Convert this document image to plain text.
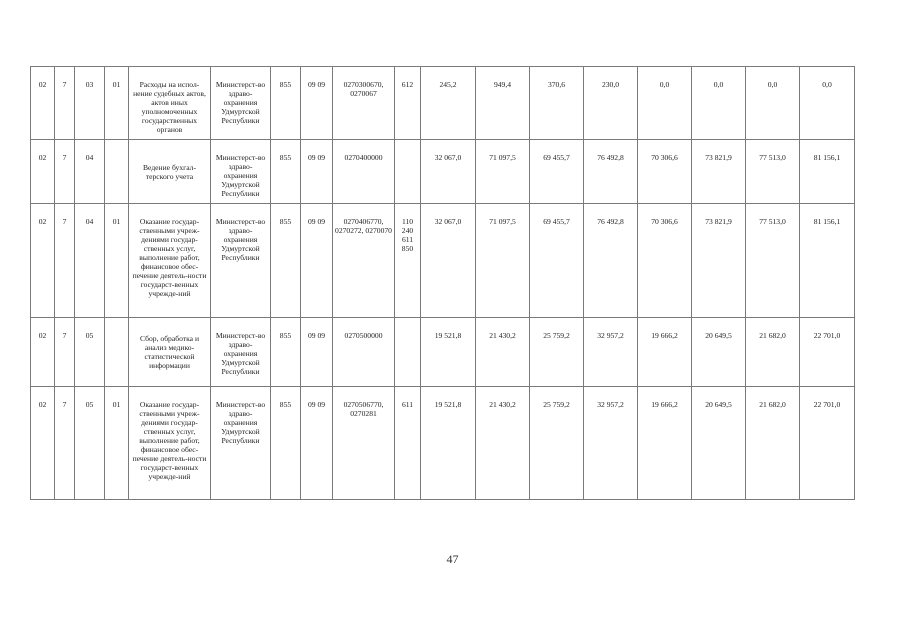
02	7	03	01	Расходы на испол-нение судебных актов, актов иных уполномоченных государственных органов	Министерст-во здраво-охранения Удмуртской Республики	855	09 09	0270300670, 0270067	612	245,2	949,4	370,6	230,0	0,0	0,0	0,0	0,0
02	7	04		Ведение бухгал-терского учета	Министерст-во здраво-охранения Удмуртской Республики	855	09 09	0270400000		32 067,0	71 097,5	69 455,7	76 492,8	70 306,6	73 821,9	77 513,0	81 156,1
02	7	04	01	Оказание государ-ственными учреж-дениями государ-ственных услуг, выполнение работ, финансовое обес-печение деятель-ности государст-венных учрежде-ний	Министерст-во здраво-охранения Удмуртской Республики	855	09 09	0270406770, 0270272, 0270070	110 240 611 850	32 067,0	71 097,5	69 455,7	76 492,8	70 306,6	73 821,9	77 513,0	81 156,1
02	7	05		Сбор, обработка и анализ медико-статистической информации	Министерст-во здраво-охранения Удмуртской Республики	855	09 09	0270500000		19 521,8	21 430,2	25 759,2	32 957,2	19 666,2	20 649,5	21 682,0	22 701,0
02	7	05	01	Оказание государ-ственными учреж-дениями государ-ственных услуг, выполнение работ, финансовое обес-печение деятель-ности государст-венных учрежде-ний	Министерст-во здраво-охранения Удмуртской Республики	855	09 09	0270506770, 0270281	611	19 521,8	21 430,2	25 759,2	32 957,2	19 666,2	20 649,5	21 682,0	22 701,0
47
